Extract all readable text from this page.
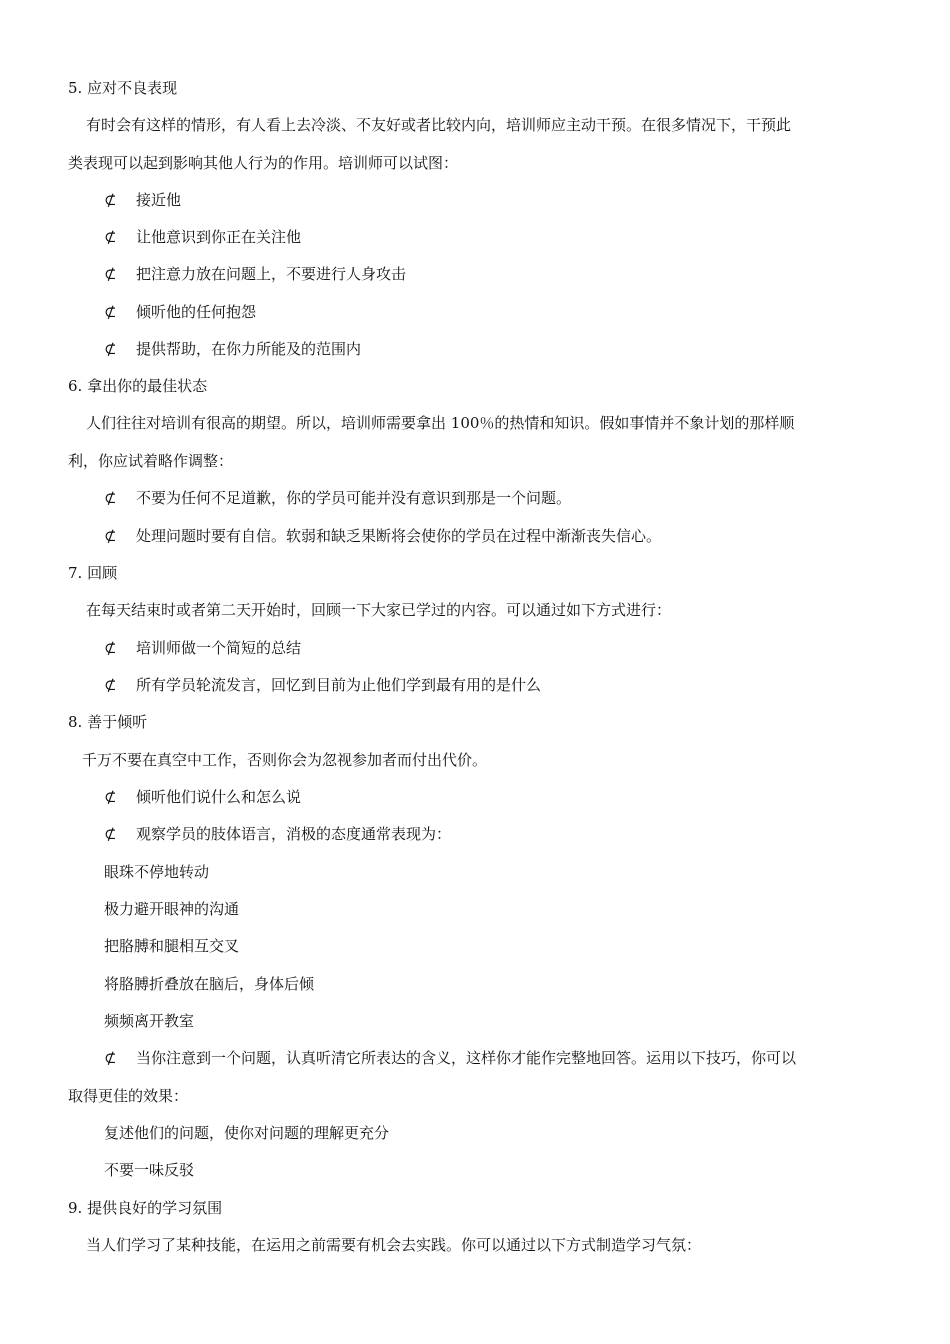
5. 应对不良表现
有时会有这样的情形，有人看上去冷淡、不友好或者比较内向，培训师应主动干预。在很多情况下，干预此
类表现可以起到影响其他人行为的作用。培训师可以试图：
⊄ 接近他
⊄ 让他意识到你正在关注他
⊄ 把注意力放在问题上，不要进行人身攻击
⊄ 倾听他的任何抱怨
⊄ 提供帮助，在你力所能及的范围内
6. 拿出你的最佳状态
人们往往对培训有很高的期望。所以，培训师需要拿出 100％的热情和知识。假如事情并不象计划的那样顺
利，你应试着略作调整：
⊄ 不要为任何不足道歉，你的学员可能并没有意识到那是一个问题。
⊄ 处理问题时要有自信。软弱和缺乏果断将会使你的学员在过程中渐渐丧失信心。
7. 回顾
在每天结束时或者第二天开始时，回顾一下大家已学过的内容。可以通过如下方式进行：
⊄ 培训师做一个简短的总结
⊄ 所有学员轮流发言，回忆到目前为止他们学到最有用的是什么
8. 善于倾听
千万不要在真空中工作，否则你会为忽视参加者而付出代价。
⊄ 倾听他们说什么和怎么说
⊄ 观察学员的肢体语言，消极的态度通常表现为：
眼珠不停地转动
极力避开眼神的沟通
把胳膊和腿相互交叉
将胳膊折叠放在脑后，身体后倾
频频离开教室
⊄ 当你注意到一个问题，认真听清它所表达的含义，这样你才能作完整地回答。运用以下技巧，你可以
取得更佳的效果：
复述他们的问题，使你对问题的理解更充分
不要一味反驳
9. 提供良好的学习氛围
当人们学习了某种技能，在运用之前需要有机会去实践。你可以通过以下方式制造学习气氛：
